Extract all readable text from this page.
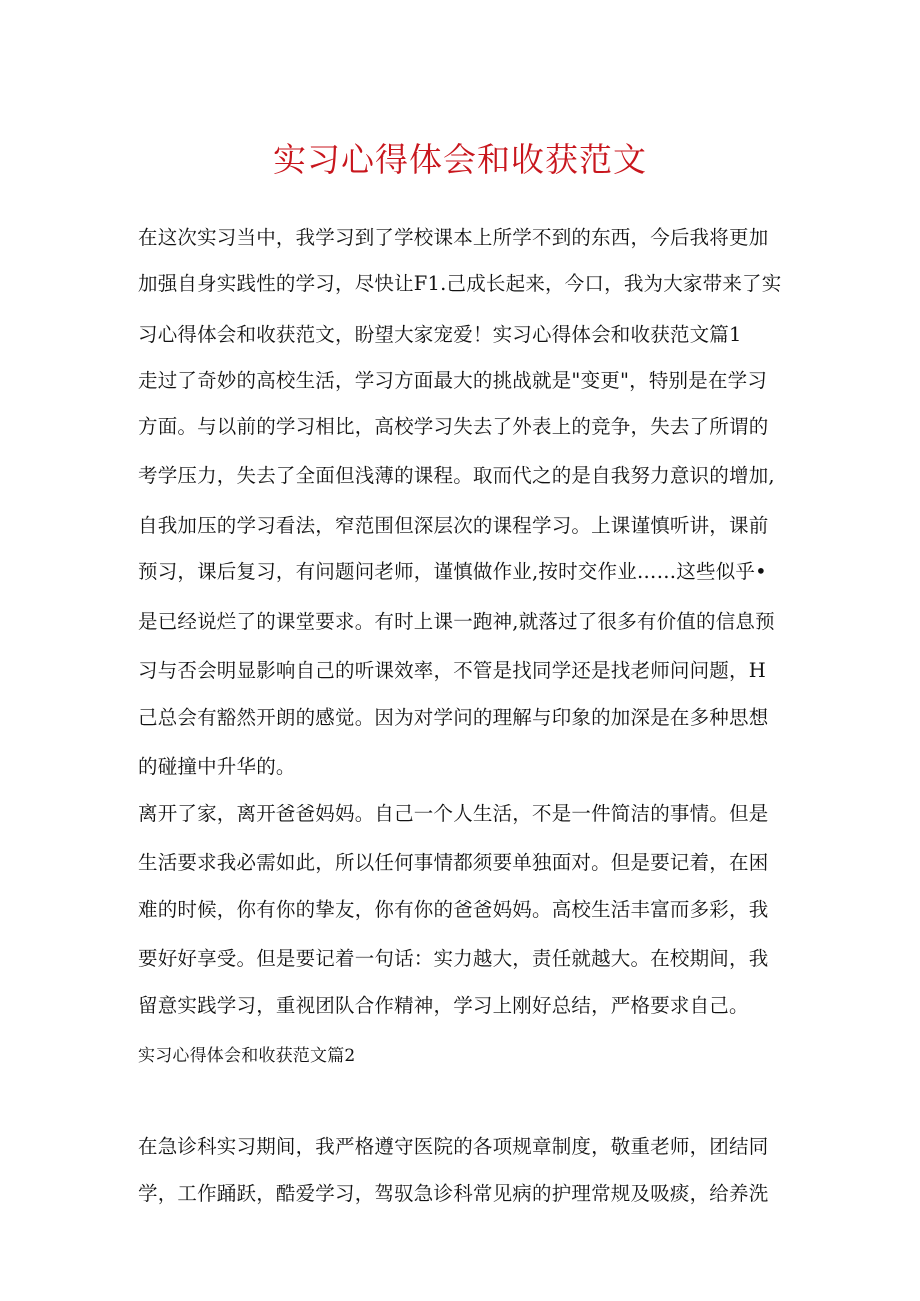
实习心得体会和收获范文
在这次实习当中，我学习到了学校课本上所学不到的东西，今后我将更加
加强自身实践性的学习，尽快让F1.己成长起来，今口，我为大家带来了实
习心得体会和收获范文，盼望大家宠爱！实习心得体会和收获范文篇1
走过了奇妙的高校生活，学习方面最大的挑战就是"变更"，特别是在学习
方面。与以前的学习相比，高校学习失去了外表上的竞争，失去了所谓的
考学压力，失去了全面但浅薄的课程。取而代之的是自我努力意识的增加,
自我加压的学习看法，窄范围但深层次的课程学习。上课谨慎听讲，课前
预习，课后复习，有问题问老师，谨慎做作业,按时交作业……这些似乎•
是已经说烂了的课堂要求。有时上课一跑神,就落过了很多有价值的信息预
习与否会明显影响自己的听课效率，不管是找同学还是找老师问问题，H
己总会有豁然开朗的感觉。因为对学问的理解与印象的加深是在多种思想
的碰撞中升华的。
离开了家，离开爸爸妈妈。自己一个人生活，不是一件简洁的事情。但是
生活要求我必需如此，所以任何事情都须要单独面对。但是要记着，在困
难的时候，你有你的挚友，你有你的爸爸妈妈。高校生活丰富而多彩，我
要好好享受。但是要记着一句话：实力越大，责任就越大。在校期间，我
留意实践学习，重视团队合作精神，学习上刚好总结，严格要求自己。
实习心得体会和收获范文篇2
在急诊科实习期间，我严格遵守医院的各项规章制度，敬重老师，团结同
学，工作踊跃，酷爱学习，驾驭急诊科常见病的护理常规及吸痰，给养洗
